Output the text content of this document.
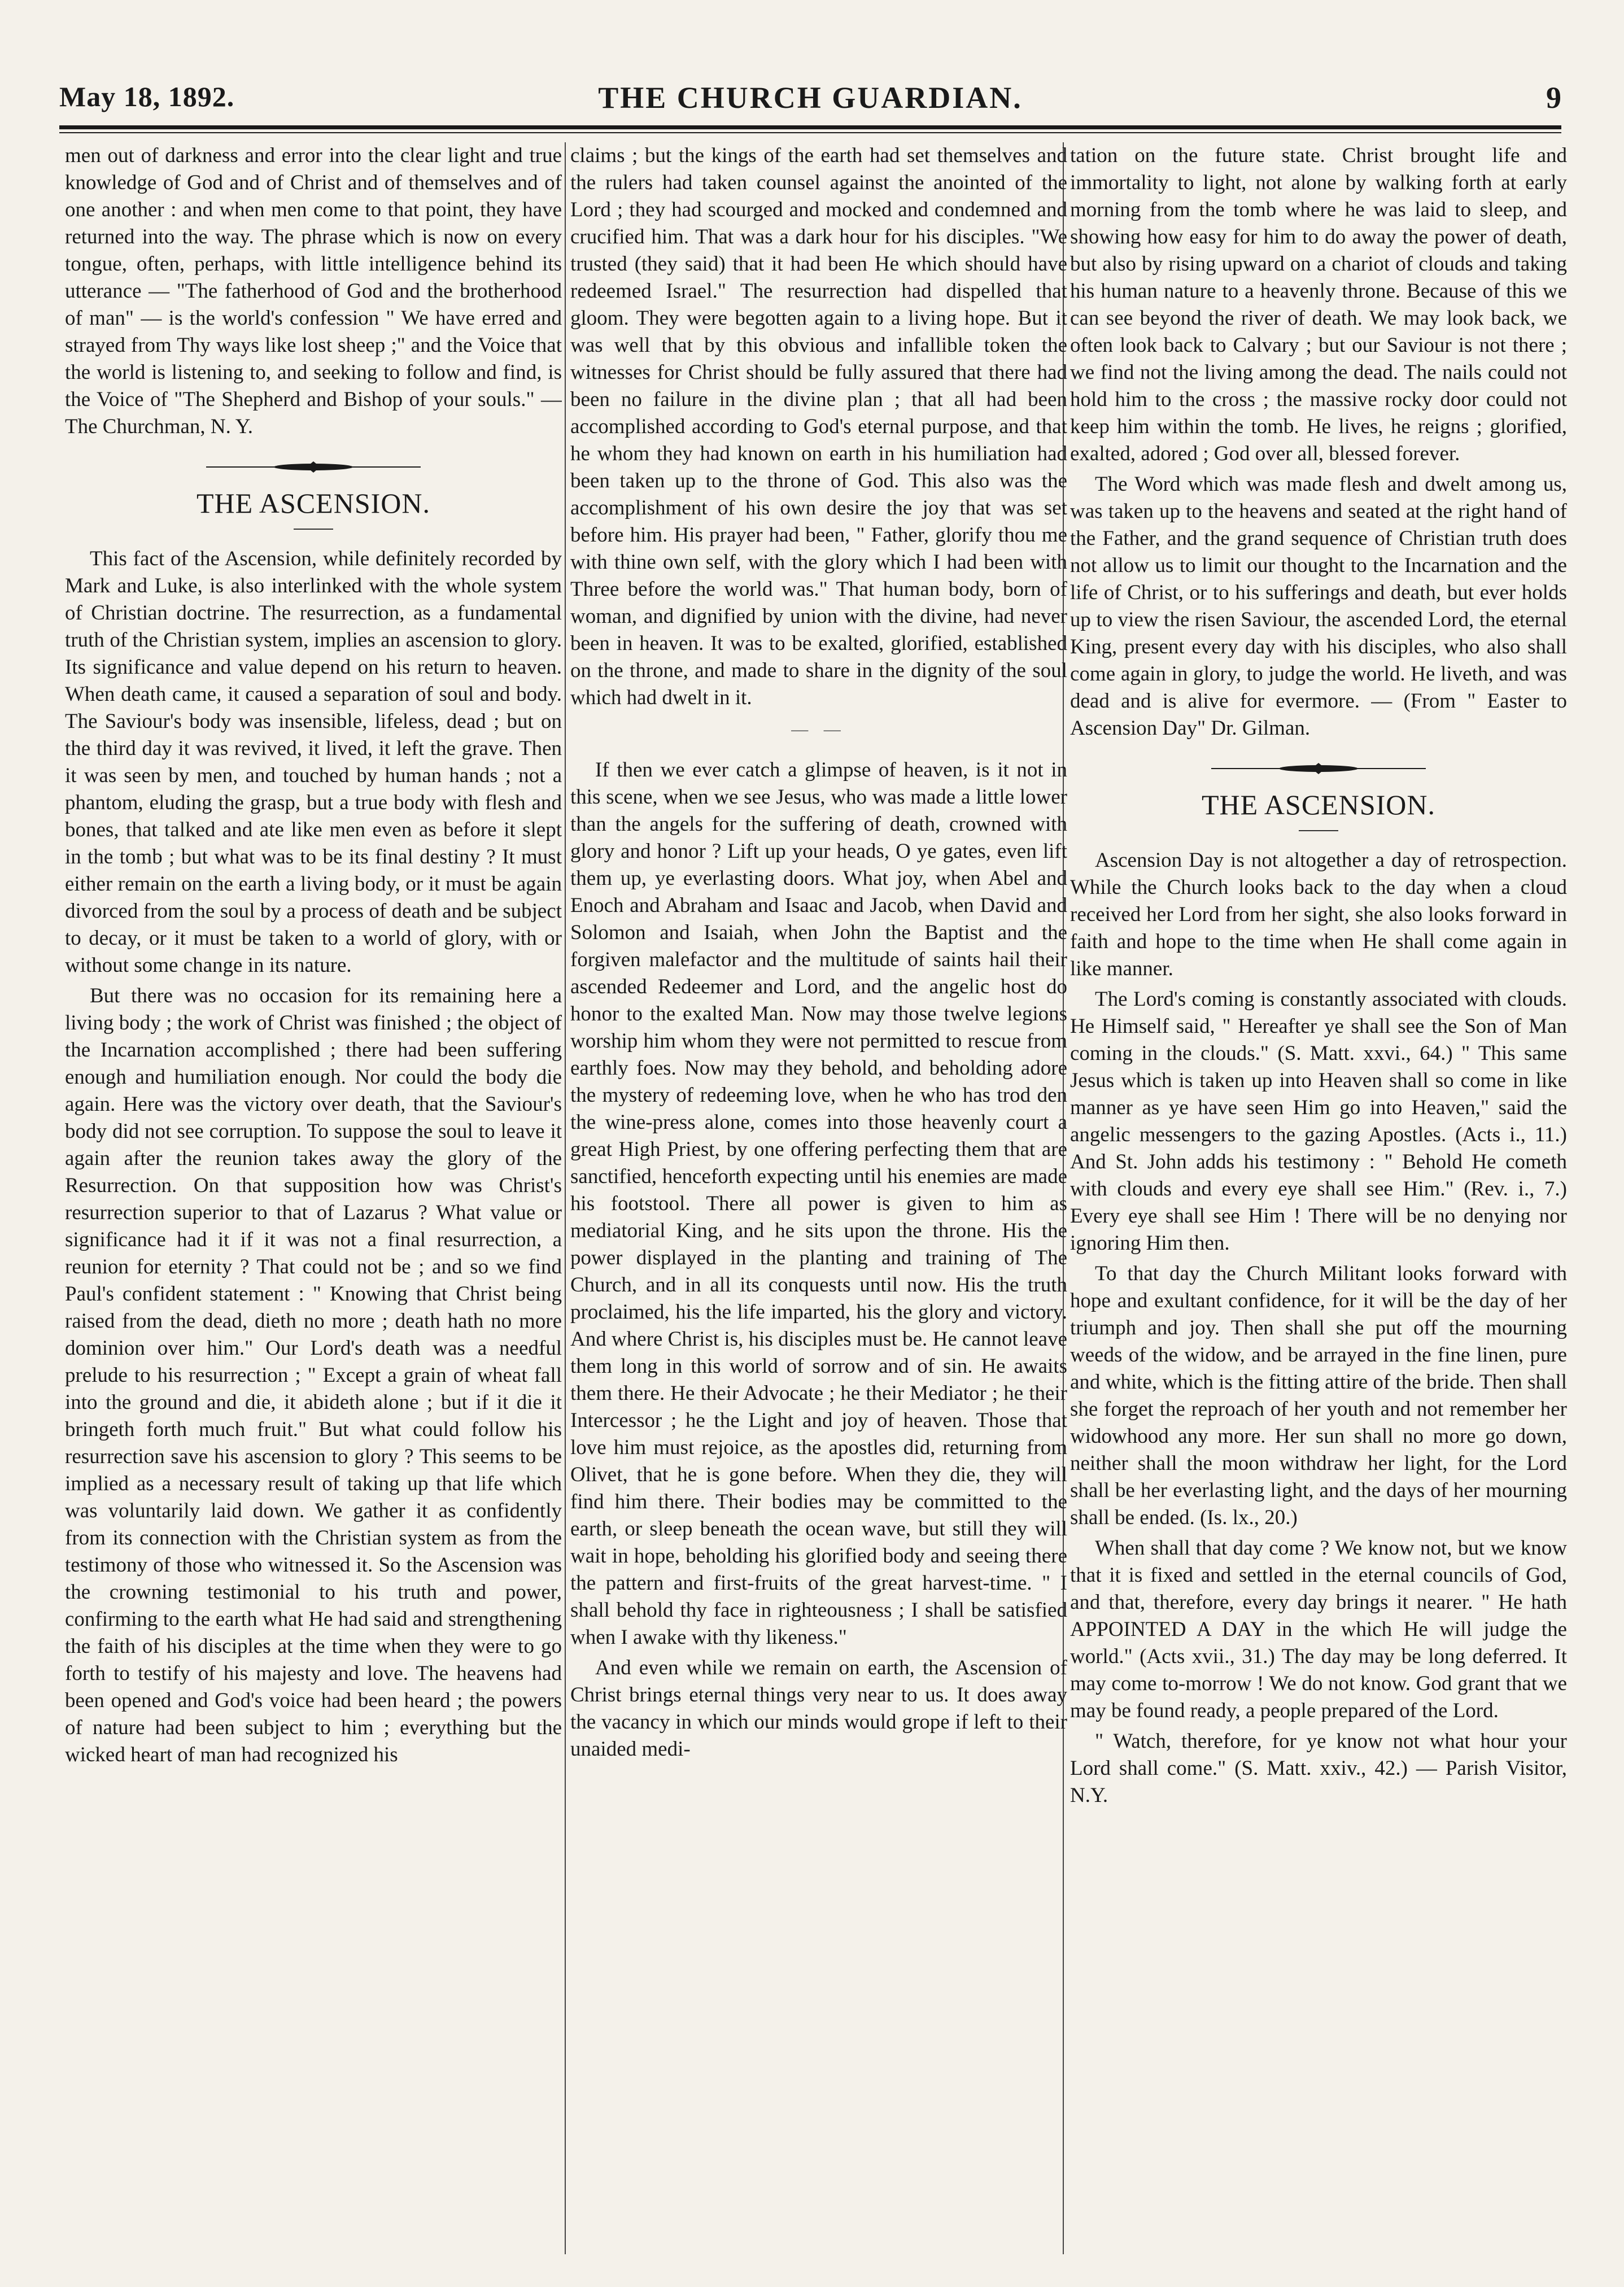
May 18, 1892.	THE CHURCH GUARDIAN.	9

men out of darkness and error into the clear light and true knowledge of God and of Christ and of themselves and of one another : and when men come to that point, they have returned into the way. The phrase which is now on every tongue, often, perhaps, with little intelligence behind its utterance — "The fatherhood of God and the brotherhood of man" — is the world's confession " We have erred and strayed from Thy ways like lost sheep ;" and the Voice that the world is listening to, and seeking to follow and find, is the Voice of "The Shepherd and Bishop of your souls." — The Churchman, N. Y.

THE ASCENSION.

This fact of the Ascension, while definitely recorded by Mark and Luke, is also interlinked with the whole system of Christian doctrine. The resurrection, as a fundamental truth of the Christian system, implies an ascension to glory. Its significance and value depend on his return to heaven. When death came, it caused a separation of soul and body. The Saviour's body was insensible, lifeless, dead ; but on the third day it was revived, it lived, it left the grave. Then it was seen by men, and touched by human hands ; not a phantom, eluding the grasp, but a true body with flesh and bones, that talked and ate like men even as before it slept in the tomb ; but what was to be its final destiny ? It must either remain on the earth a living body, or it must be again divorced from the soul by a process of death and be subject to decay, or it must be taken to a world of glory, with or without some change in its nature.

But there was no occasion for its remaining here a living body ; the work of Christ was finished ; the object of the Incarnation accomplished ; there had been suffering enough and humiliation enough. Nor could the body die again. Here was the victory over death, that the Saviour's body did not see corruption. To suppose the soul to leave it again after the reunion takes away the glory of the Resurrection. On that supposition how was Christ's resurrection superior to that of Lazarus ? What value or significance had it if it was not a final resurrection, a reunion for eternity ? That could not be ; and so we find Paul's confident statement : " Knowing that Christ being raised from the dead, dieth no more ; death hath no more dominion over him." Our Lord's death was a needful prelude to his resurrection ; " Except a grain of wheat fall into the ground and die, it abideth alone ; but if it die it bringeth forth much fruit." But what could follow his resurrection save his ascension to glory ? This seems to be implied as a necessary result of taking up that life which was voluntarily laid down. We gather it as confidently from its connection with the Christian system as from the testimony of those who witnessed it. So the Ascension was the crowning testimonial to his truth and power, confirming to the earth what He had said and strengthening the faith of his disciples at the time when they were to go forth to testify of his majesty and love. The heavens had been opened and God's voice had been heard ; the powers of nature had been subject to him ; everything but the wicked heart of man had recognized his

claims ; but the kings of the earth had set themselves and the rulers had taken counsel against the anointed of the Lord ; they had scourged and mocked and condemned and crucified him. That was a dark hour for his disciples. "We trusted (they said) that it had been He which should have redeemed Israel." The resurrection had dispelled that gloom. They were begotten again to a living hope. But it was well that by this obvious and infallible token the witnesses for Christ should be fully assured that there had been no failure in the divine plan ; that all had been accomplished according to God's eternal purpose, and that he whom they had known on earth in his humiliation had been taken up to the throne of God. This also was the accomplishment of his own desire the joy that was set before him. His prayer had been, " Father, glorify thou me with thine own self, with the glory which I had been with Three before the world was." That human body, born of woman, and dignified by union with the divine, had never been in heaven. It was to be exalted, glorified, established on the throne, and made to share in the dignity of the soul which had dwelt in it.

— —

If then we ever catch a glimpse of heaven, is it not in this scene, when we see Jesus, who was made a little lower than the angels for the suffering of death, crowned with glory and honor ? Lift up your heads, O ye gates, even lift them up, ye everlasting doors. What joy, when Abel and Enoch and Abraham and Isaac and Jacob, when David and Solomon and Isaiah, when John the Baptist and the forgiven malefactor and the multitude of saints hail their ascended Redeemer and Lord, and the angelic host do honor to the exalted Man. Now may those twelve legions worship him whom they were not permitted to rescue from earthly foes. Now may they behold, and beholding adore the mystery of redeeming love, when he who has trod den the wine-press alone, comes into those heavenly court a great High Priest, by one offering perfecting them that are sanctified, henceforth expecting until his enemies are made his footstool. There all power is given to him as mediatorial King, and he sits upon the throne. His the power displayed in the planting and training of The Church, and in all its conquests until now. His the truth proclaimed, his the life imparted, his the glory and victory. And where Christ is, his disciples must be. He cannot leave them long in this world of sorrow and of sin. He awaits them there. He their Advocate ; he their Mediator ; he their Intercessor ; he the Light and joy of heaven. Those that love him must rejoice, as the apostles did, returning from Olivet, that he is gone before. When they die, they will find him there. Their bodies may be committed to the earth, or sleep beneath the ocean wave, but still they will wait in hope, beholding his glorified body and seeing there the pattern and first-fruits of the great harvest-time. " I shall behold thy face in righteousness ; I shall be satisfied when I awake with thy likeness."

And even while we remain on earth, the Ascension of Christ brings eternal things very near to us. It does away the vacancy in which our minds would grope if left to their unaided medi-

tation on the future state. Christ brought life and immortality to light, not alone by walking forth at early morning from the tomb where he was laid to sleep, and showing how easy for him to do away the power of death, but also by rising upward on a chariot of clouds and taking his human nature to a heavenly throne. Because of this we can see beyond the river of death. We may look back, we often look back to Calvary ; but our Saviour is not there ; we find not the living among the dead. The nails could not hold him to the cross ; the massive rocky door could not keep him within the tomb. He lives, he reigns ; glorified, exalted, adored ; God over all, blessed forever.

The Word which was made flesh and dwelt among us, was taken up to the heavens and seated at the right hand of the Father, and the grand sequence of Christian truth does not allow us to limit our thought to the Incarnation and the life of Christ, or to his sufferings and death, but ever holds up to view the risen Saviour, the ascended Lord, the eternal King, present every day with his disciples, who also shall come again in glory, to judge the world. He liveth, and was dead and is alive for evermore. — (From " Easter to Ascension Day" Dr. Gilman.

THE ASCENSION.

Ascension Day is not altogether a day of retrospection. While the Church looks back to the day when a cloud received her Lord from her sight, she also looks forward in faith and hope to the time when He shall come again in like manner.

The Lord's coming is constantly associated with clouds. He Himself said, " Hereafter ye shall see the Son of Man coming in the clouds." (S. Matt. xxvi., 64.) " This same Jesus which is taken up into Heaven shall so come in like manner as ye have seen Him go into Heaven," said the angelic messengers to the gazing Apostles. (Acts i., 11.) And St. John adds his testimony : " Behold He cometh with clouds and every eye shall see Him." (Rev. i., 7.) Every eye shall see Him ! There will be no denying nor ignoring Him then.

To that day the Church Militant looks forward with hope and exultant confidence, for it will be the day of her triumph and joy. Then shall she put off the mourning weeds of the widow, and be arrayed in the fine linen, pure and white, which is the fitting attire of the bride. Then shall she forget the reproach of her youth and not remember her widowhood any more. Her sun shall no more go down, neither shall the moon withdraw her light, for the Lord shall be her everlasting light, and the days of her mourning shall be ended. (Is. lx., 20.)

When shall that day come ? We know not, but we know that it is fixed and settled in the eternal councils of God, and that, therefore, every day brings it nearer. " He hath APPOINTED A DAY in the which He will judge the world." (Acts xvii., 31.) The day may be long deferred. It may come to-morrow ! We do not know. God grant that we may be found ready, a people prepared of the Lord.

" Watch, therefore, for ye know not what hour your Lord shall come." (S. Matt. xxiv., 42.) — Parish Visitor, N.Y.
